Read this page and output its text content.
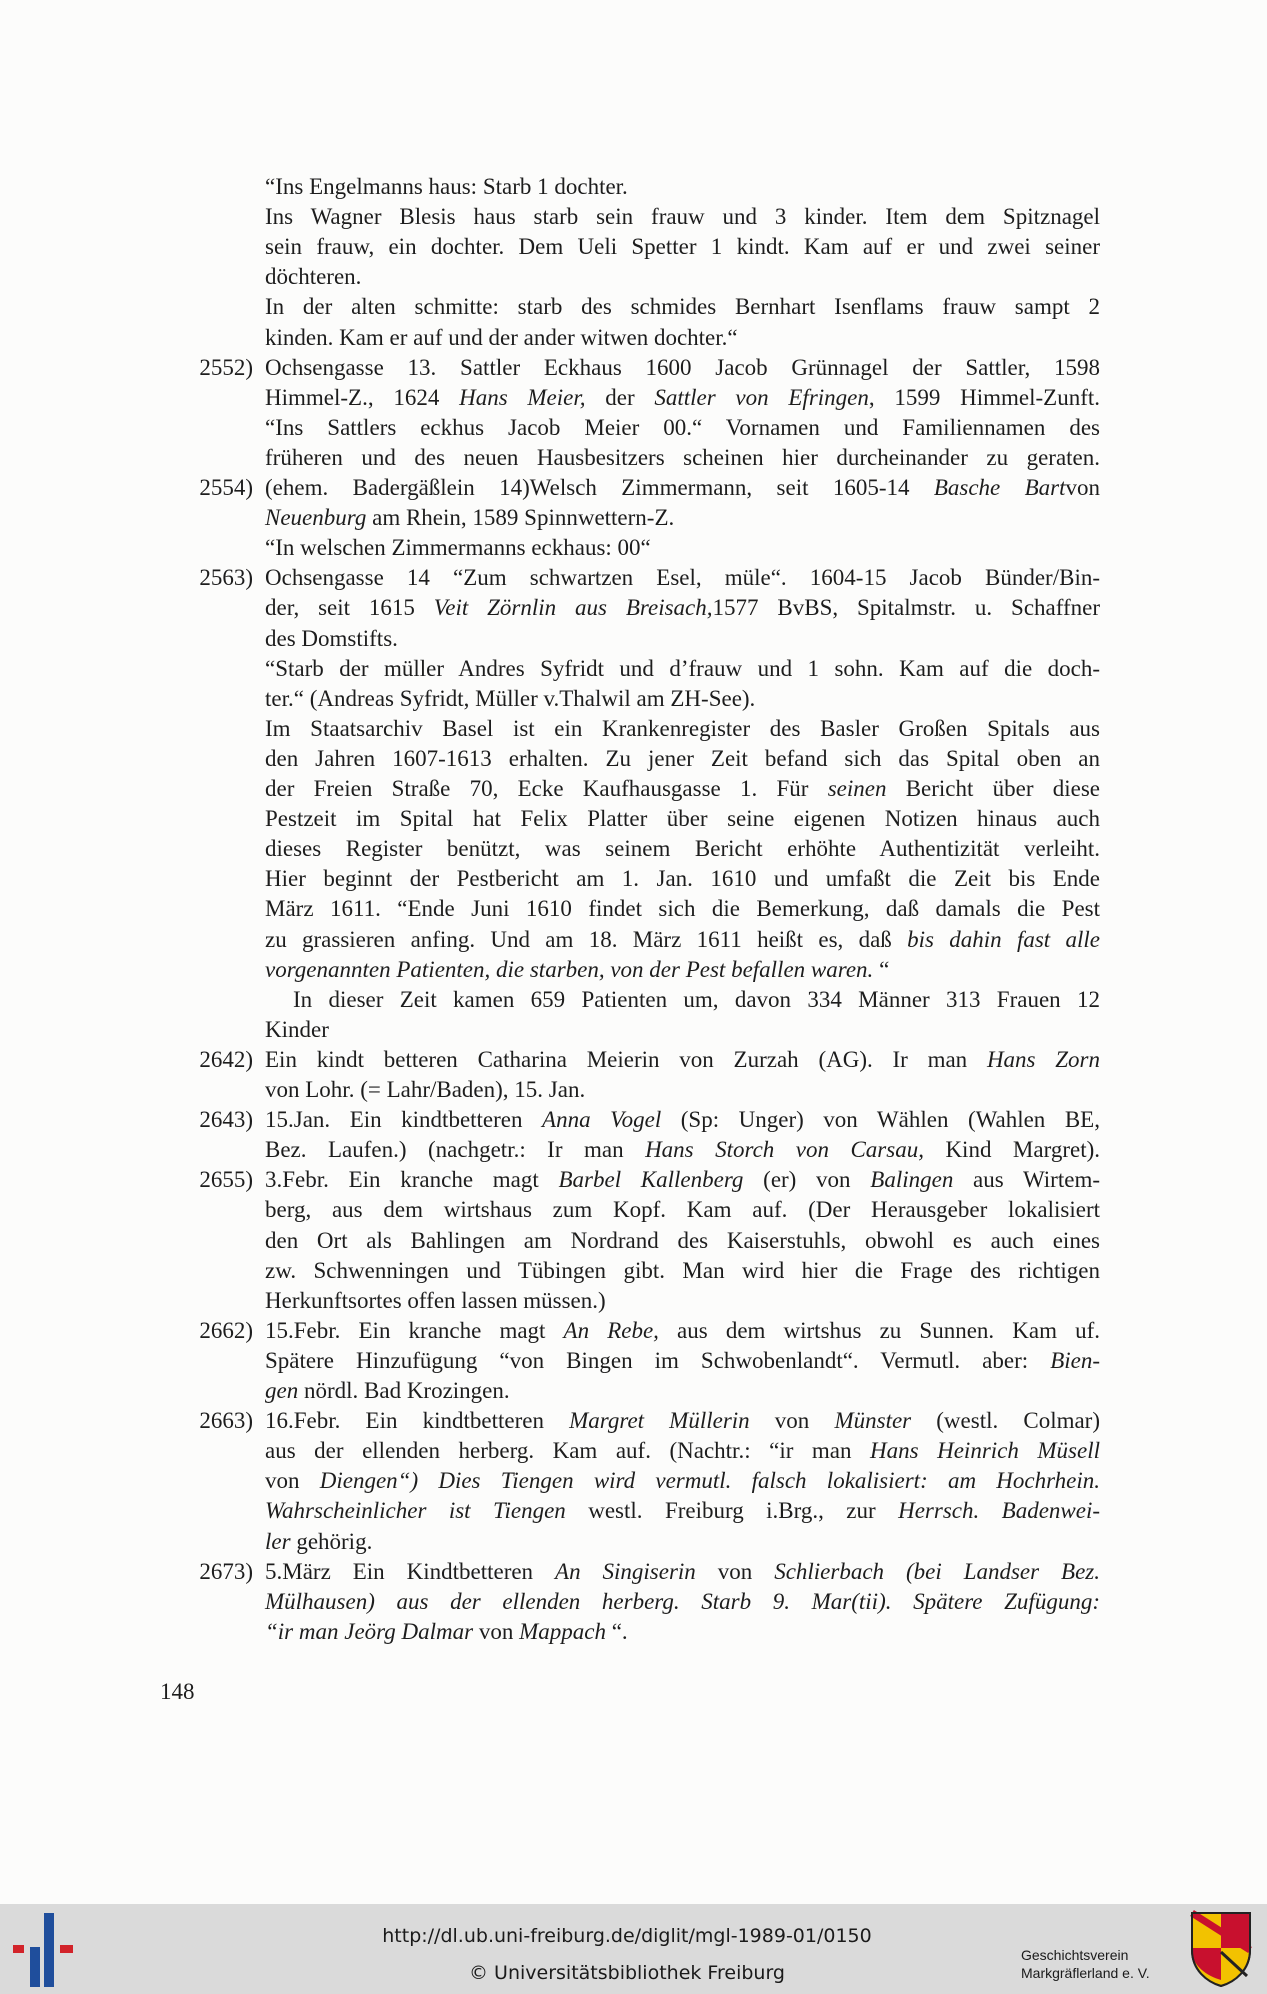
“Ins Engelmanns haus: Starb 1 dochter.
Ins Wagner Blesis haus starb sein frauw und 3 kinder. Item dem Spitznagel
sein frauw, ein dochter. Dem Ueli Spetter 1 kindt. Kam auf er und zwei seiner
döchteren.
In der alten schmitte: starb des schmides Bernhart Isenflams frauw sampt 2
kinden. Kam er auf und der ander witwen dochter.“
2552) Ochsengasse 13. Sattler Eckhaus 1600 Jacob Grünnagel der Sattler, 1598
Himmel-Z., 1624 Hans Meier, der Sattler von Efringen, 1599 Himmel-Zunft.
“Ins Sattlers eckhus Jacob Meier 00.“ Vornamen und Familiennamen des
früheren und des neuen Hausbesitzers scheinen hier durcheinander zu geraten.
2554) (ehem. Badergäßlein 14)Welsch Zimmermann, seit 1605-14 Basche Bartvon
Neuenburg am Rhein, 1589 Spinnwettern-Z.
“In welschen Zimmermanns eckhaus: 00“
2563) Ochsengasse 14 “Zum schwartzen Esel, müle“. 1604-15 Jacob Bünder/Bin-
der, seit 1615 Veit Zörnlin aus Breisach,1577 BvBS, Spitalmstr. u. Schaffner
des Domstifts.
“Starb der müller Andres Syfridt und d’frauw und 1 sohn. Kam auf die doch-
ter.“ (Andreas Syfridt, Müller v.Thalwil am ZH-See).
Im Staatsarchiv Basel ist ein Krankenregister des Basler Großen Spitals aus
den Jahren 1607-1613 erhalten. Zu jener Zeit befand sich das Spital oben an
der Freien Straße 70, Ecke Kaufhausgasse 1. Für seinen Bericht über diese
Pestzeit im Spital hat Felix Platter über seine eigenen Notizen hinaus auch
dieses Register benützt, was seinem Bericht erhöhte Authentizität verleiht.
Hier beginnt der Pestbericht am 1. Jan. 1610 und umfaßt die Zeit bis Ende
März 1611. “Ende Juni 1610 findet sich die Bemerkung, daß damals die Pest
zu grassieren anfing. Und am 18. März 1611 heißt es, daß bis dahin fast alle
vorgenannten Patienten, die starben, von der Pest befallen waren. “
In dieser Zeit kamen 659 Patienten um, davon 334 Männer 313 Frauen 12
Kinder
2642) Ein kindt betteren Catharina Meierin von Zurzah (AG). Ir man Hans Zorn
von Lohr. (= Lahr/Baden), 15. Jan.
2643) 15.Jan. Ein kindtbetteren Anna Vogel (Sp: Unger) von Wählen (Wahlen BE,
Bez. Laufen.) (nachgetr.: Ir man Hans Storch von Carsau, Kind Margret).
2655) 3.Febr. Ein kranche magt Barbel Kallenberg (er) von Balingen aus Wirtem-
berg, aus dem wirtshaus zum Kopf. Kam auf. (Der Herausgeber lokalisiert
den Ort als Bahlingen am Nordrand des Kaiserstuhls, obwohl es auch eines
zw. Schwenningen und Tübingen gibt. Man wird hier die Frage des richtigen
Herkunftsortes offen lassen müssen.)
2662) 15.Febr. Ein kranche magt An Rebe, aus dem wirtshus zu Sunnen. Kam uf.
Spätere Hinzufügung “von Bingen im Schwobenlandt“. Vermutl. aber: Bien-
gen nördl. Bad Krozingen.
2663) 16.Febr. Ein kindtbetteren Margret Müllerin von Münster (westl. Colmar)
aus der ellenden herberg. Kam auf. (Nachtr.: “ir man Hans Heinrich Müsell
von Diengen“) Dies Tiengen wird vermutl. falsch lokalisiert: am Hochrhein.
Wahrscheinlicher ist Tiengen westl. Freiburg i.Brg., zur Herrsch. Badenwei-
ler gehörig.
2673) 5.März Ein Kindtbetteren An Singiserin von Schlierbach (bei Landser Bez.
Mülhausen) aus der ellenden herberg. Starb 9. Mar(tii). Spätere Zufügung:
“ir man Jeörg Dalmar von Mappach “.
148
http://dl.ub.uni-freiburg.de/diglit/mgl-1989-01/0150
© Universitätsbibliothek Freiburg
Geschichtsverein
Markgräflerland e. V.
